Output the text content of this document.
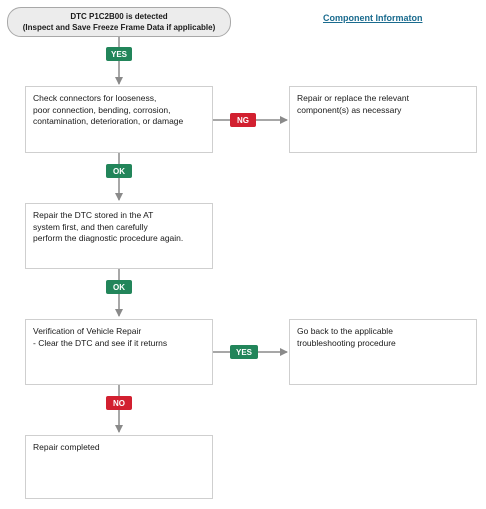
DTC P1C2B00 is detected
(Inspect and Save Freeze Frame Data if applicable)
Component Informaton
Check connectors for looseness,
poor connection, bending, corrosion,
contamination, deterioration, or damage
Repair or replace the relevant
component(s) as necessary
Repair the DTC stored in the AT
system first, and then carefully
perform the diagnostic procedure again.
Verification of Vehicle Repair
- Clear the DTC and see if it returns
Go back to the applicable
troubleshooting procedure
Repair completed
YES
NG
OK
OK
YES
NO
